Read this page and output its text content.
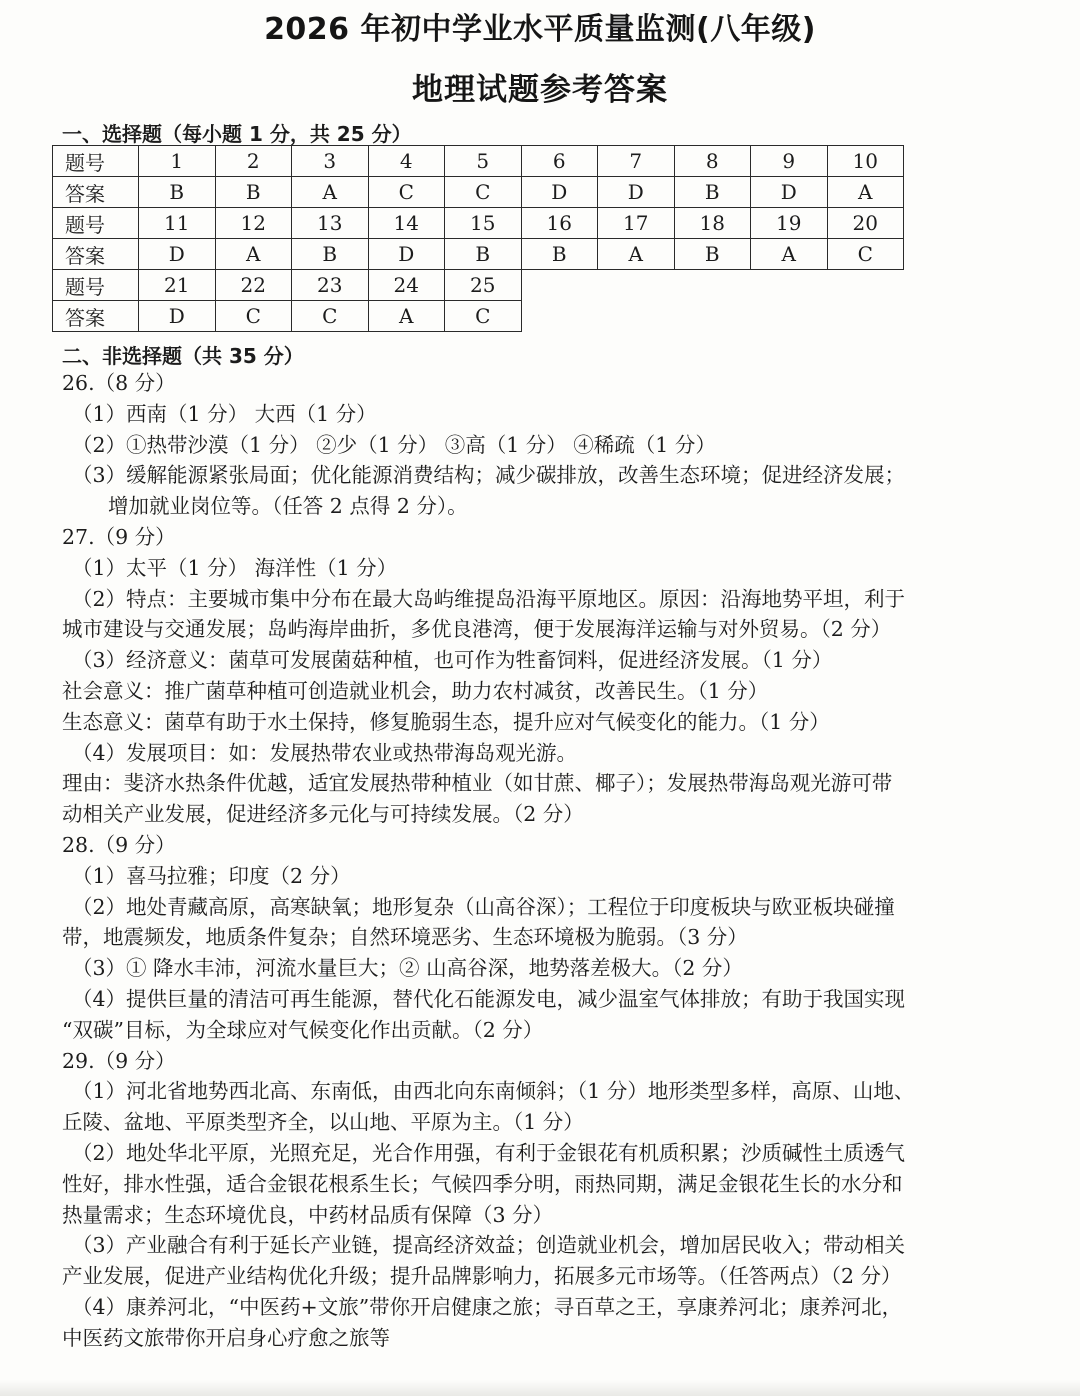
2026 年初中学业水平质量监测(八年级)
地理试题参考答案
一、选择题（每小题 1 分，共 25 分）
题号	1	2	3	4	5	6	7	8	9	10
答案	B	B	A	C	C	D	D	B	D	A
题号	11	12	13	14	15	16	17	18	19	20
答案	D	A	B	D	B	B	A	B	A	C
题号	21	22	23	24	25					
答案	D	C	C	A	C					
二、非选择题（共 35 分）
26.（8 分）
（1）西南（1 分） 大西（1 分）
（2）①热带沙漠（1 分） ②少（1 分） ③高（1 分） ④稀疏（1 分）
（3）缓解能源紧张局面；优化能源消费结构；减少碳排放，改善生态环境；促进经济发展；
增加就业岗位等。（任答 2 点得 2 分）。
27.（9 分）
（1）太平（1 分） 海洋性（1 分）
（2）特点：主要城市集中分布在最大岛屿维提岛沿海平原地区。原因：沿海地势平坦，利于
城市建设与交通发展；岛屿海岸曲折，多优良港湾，便于发展海洋运输与对外贸易。（2 分）
（3）经济意义：菌草可发展菌菇种植，也可作为牲畜饲料，促进经济发展。（1 分）
社会意义：推广菌草种植可创造就业机会，助力农村减贫，改善民生。（1 分）
生态意义：菌草有助于水土保持，修复脆弱生态，提升应对气候变化的能力。（1 分）
（4）发展项目：如：发展热带农业或热带海岛观光游。
理由：斐济水热条件优越，适宜发展热带种植业（如甘蔗、椰子）；发展热带海岛观光游可带
动相关产业发展，促进经济多元化与可持续发展。（2 分）
28.（9 分）
（1）喜马拉雅；印度（2 分）
（2）地处青藏高原，高寒缺氧；地形复杂（山高谷深）；工程位于印度板块与欧亚板块碰撞
带，地震频发，地质条件复杂；自然环境恶劣、生态环境极为脆弱。（3 分）
（3）① 降水丰沛，河流水量巨大；② 山高谷深，地势落差极大。（2 分）
（4）提供巨量的清洁可再生能源，替代化石能源发电，减少温室气体排放；有助于我国实现
“双碳”目标，为全球应对气候变化作出贡献。（2 分）
29.（9 分）
（1）河北省地势西北高、东南低，由西北向东南倾斜；（1 分）地形类型多样，高原、山地、
丘陵、盆地、平原类型齐全，以山地、平原为主。（1 分）
（2）地处华北平原，光照充足，光合作用强，有利于金银花有机质积累；沙质碱性土质透气
性好，排水性强，适合金银花根系生长；气候四季分明，雨热同期，满足金银花生长的水分和
热量需求；生态环境优良，中药材品质有保障（3 分）
（3）产业融合有利于延长产业链，提高经济效益；创造就业机会，增加居民收入；带动相关
产业发展，促进产业结构优化升级；提升品牌影响力，拓展多元市场等。（任答两点）（2 分）
（4）康养河北，“中医药+文旅”带你开启健康之旅；寻百草之王，享康养河北；康养河北，
中医药文旅带你开启身心疗愈之旅等
